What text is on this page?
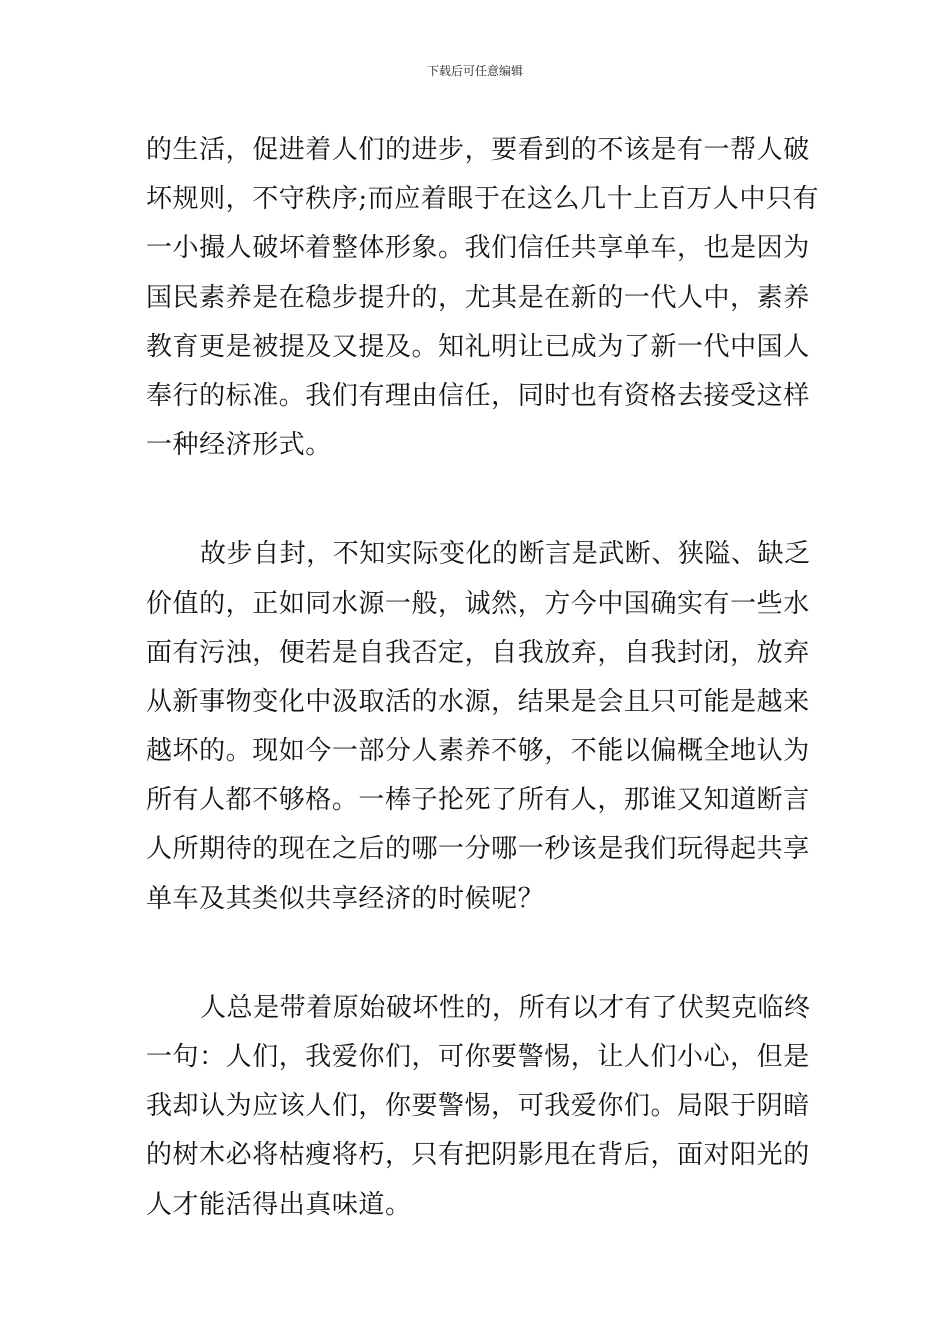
下载后可任意编辑
的生活，促进着人们的进步，要看到的不该是有一帮人破
坏规则，不守秩序;而应着眼于在这么几十上百万人中只有
一小撮人破坏着整体形象。我们信任共享单车，也是因为
国民素养是在稳步提升的，尤其是在新的一代人中，素养
教育更是被提及又提及。知礼明让已成为了新一代中国人
奉行的标准。我们有理由信任，同时也有资格去接受这样
一种经济形式。
故步自封，不知实际变化的断言是武断、狭隘、缺乏
价值的，正如同水源一般，诚然，方今中国确实有一些水
面有污浊，便若是自我否定，自我放弃，自我封闭，放弃
从新事物变化中汲取活的水源，结果是会且只可能是越来
越坏的。现如今一部分人素养不够，不能以偏概全地认为
所有人都不够格。一棒子抡死了所有人，那谁又知道断言
人所期待的现在之后的哪一分哪一秒该是我们玩得起共享
单车及其类似共享经济的时候呢？
人总是带着原始破坏性的，所有以才有了伏契克临终
一句：人们，我爱你们，可你要警惕，让人们小心，但是
我却认为应该人们，你要警惕，可我爱你们。局限于阴暗
的树木必将枯瘦将朽，只有把阴影甩在背后，面对阳光的
人才能活得出真味道。
